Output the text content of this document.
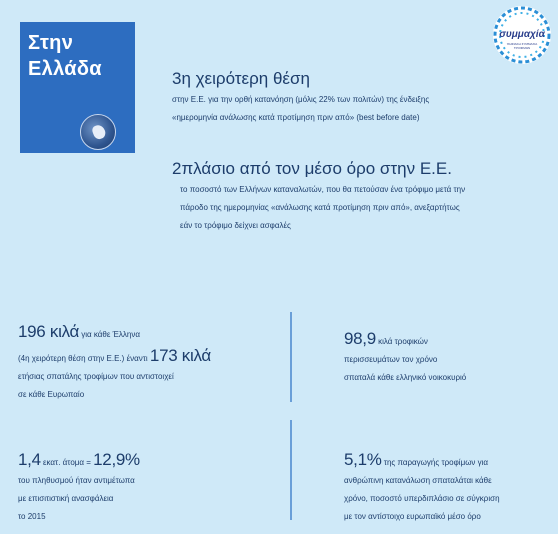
Στην
Ελλάδα
συμμαχία
ΨΗΦΙΑΚΗ ΣΥΜΜΑΧΙΑ ΤΡΟΦΙΜΩΝ
3η χειρότερη θέση
στην Ε.Ε. για την ορθή κατανόηση (μόλις 22% των πολιτών) της ένδειξης
«ημερομηνία ανάλωσης κατά προτίμηση πριν από» (best before date)
2πλάσιο από τον μέσο όρο στην Ε.Ε.
το ποσοστό των Ελλήνων καταναλωτών, που θα πετούσαν ένα τρόφιμο μετά την
πάροδο της ημερομηνίας «ανάλωσης κατά προτίμηση πριν από», ανεξαρτήτως
εάν το τρόφιμο δείχνει ασφαλές
196 κιλά για κάθε Έλληνα
(4η χειρότερη θέση στην Ε.Ε.) έναντι 173 κιλά
ετήσιας σπατάλης τροφίμων που αντιστοιχεί
σε κάθε Ευρωπαίο
98,9 κιλά τροφικών
περισσευμάτων τον χρόνο
σπαταλά κάθε ελληνικό νοικοκυριό
1,4 εκατ. άτομα = 12,9%
του πληθυσμού ήταν αντιμέτωπα
με επισιτιστική ανασφάλεια
το 2015
5,1% της παραγωγής τροφίμων για
ανθρώπινη κατανάλωση σπαταλάται κάθε
χρόνο, ποσοστό υπερδιπλάσιο σε σύγκριση
με τον αντίστοιχο ευρωπαϊκό μέσο όρο
